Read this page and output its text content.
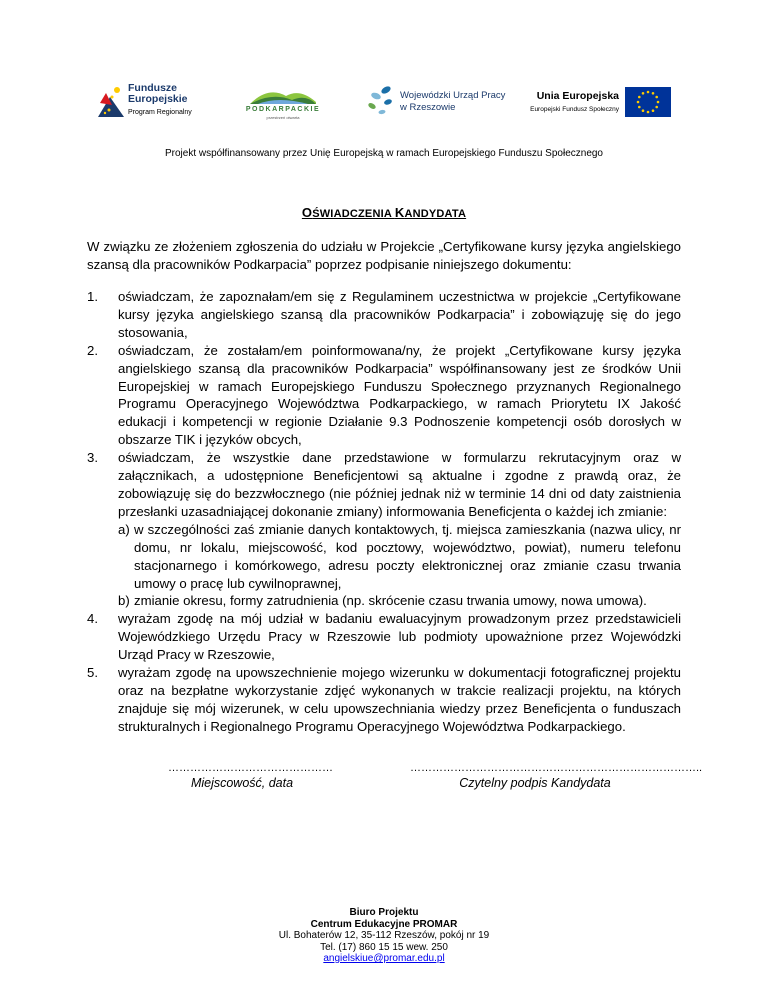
Fundusze
Europejskie
Program Regionalny	PODKARPACKIE
przestrzeń otwarta
Wojewódzki Urząd Pracy
w Rzeszowie
Unia Europejska
Europejski Fundusz Społeczny
Projekt współfinansowany przez Unię Europejską w ramach Europejskiego Funduszu Społecznego
OŚWIADCZENIA KANDYDATA
W związku ze złożeniem zgłoszenia do udziału w Projekcie „Certyfikowane kursy języka angielskiego szansą dla pracowników Podkarpacia” poprzez podpisanie niniejszego dokumentu:
1. oświadczam, że zapoznałam/em się z Regulaminem uczestnictwa w projekcie „Certyfikowane kursy języka angielskiego szansą dla pracowników Podkarpacia” i zobowiązuję się do jego stosowania,
2. oświadczam, że zostałam/em poinformowana/ny, że projekt „Certyfikowane kursy języka angielskiego szansą dla pracowników Podkarpacia” współfinansowany jest ze środków Unii Europejskiej w ramach Europejskiego Funduszu Społecznego przyznanych Regionalnego Programu Operacyjnego Województwa Podkarpackiego, w ramach Priorytetu IX Jakość edukacji i kompetencji w regionie Działanie 9.3 Podnoszenie kompetencji osób dorosłych w obszarze TIK i języków obcych,
3. oświadczam, że wszystkie dane przedstawione w formularzu rekrutacyjnym oraz w załącznikach, a udostępnione Beneficjentowi są aktualne i zgodne z prawdą oraz, że zobowiązuję się do bezzwłocznego (nie później jednak niż w terminie 14 dni od daty zaistnienia przesłanki uzasadniającej dokonanie zmiany) informowania Beneficjenta o każdej ich zmianie:
a) w szczególności zaś zmianie danych kontaktowych, tj. miejsca zamieszkania (nazwa ulicy, nr domu, nr lokalu, miejscowość, kod pocztowy, województwo, powiat), numeru telefonu stacjonarnego i komórkowego, adresu poczty elektronicznej oraz zmianie czasu trwania umowy o pracę lub cywilnoprawnej,
b) zmianie okresu, formy zatrudnienia (np. skrócenie czasu trwania umowy, nowa umowa).
4. wyrażam zgodę na mój udział w badaniu ewaluacyjnym prowadzonym przez przedstawicieli Wojewódzkiego Urzędu Pracy w Rzeszowie lub podmioty upoważnione przez Wojewódzki Urząd Pracy w Rzeszowie,
5. wyrażam zgodę na upowszechnienie mojego wizerunku w dokumentacji fotograficznej projektu oraz na bezpłatne wykorzystanie zdjęć wykonanych w trakcie realizacji projektu, na których znajduje się mój wizerunek, w celu upowszechniania wiedzy przez Beneficjenta o funduszach strukturalnych i Regionalnego Programu Operacyjnego Województwa Podkarpackiego.
………………………………………
Miejscowość, data
……………………………………………………………………..
Czytelny podpis Kandydata
Biuro Projektu
Centrum Edukacyjne PROMAR
Ul. Bohaterów 12, 35-112 Rzeszów, pokój nr 19
Tel. (17) 860 15 15 wew. 250
angielskiue@promar.edu.pl
